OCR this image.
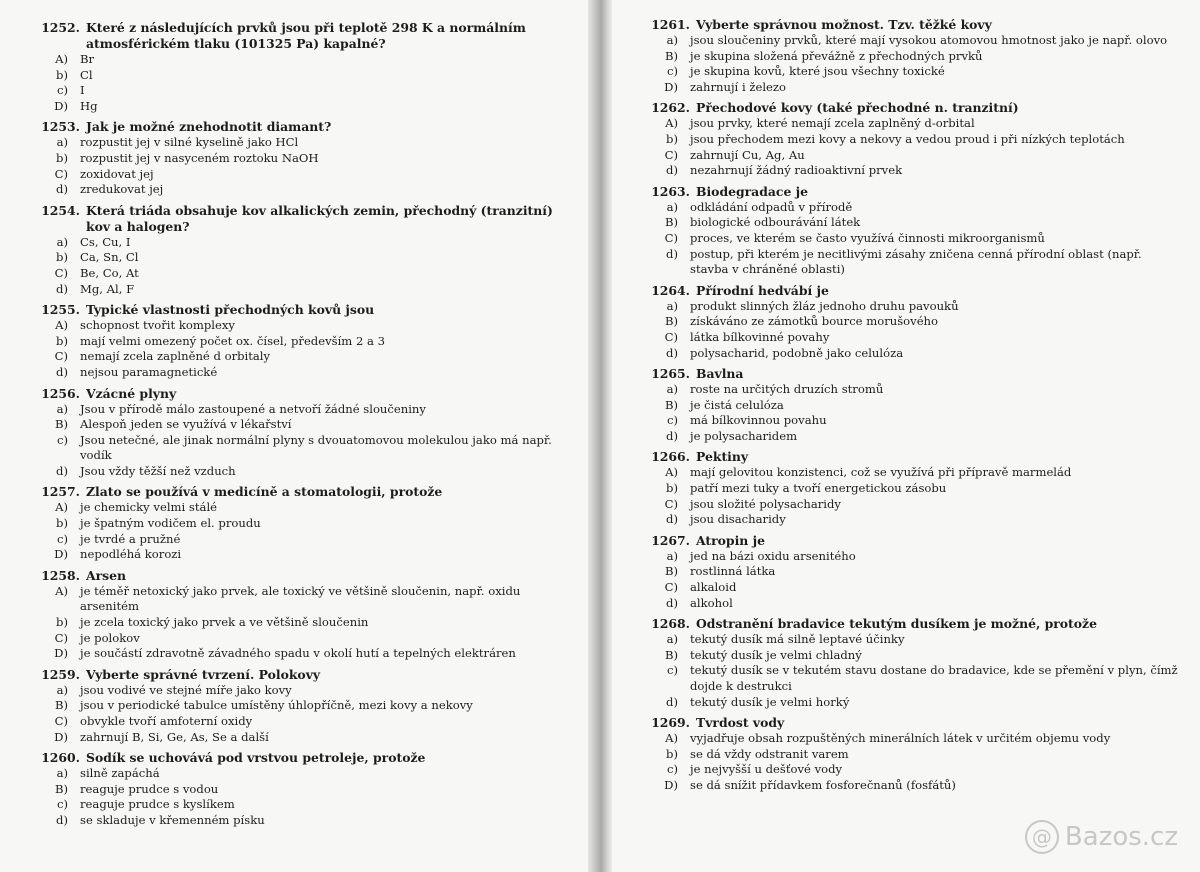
1252. Které z následujících prvků jsou při teplotě 298 K a normálním atmosférickém tlaku (101325 Pa) kapalné?
A)	Br
b)	Cl
c)	I
D)	Hg
1253. Jak je možné znehodnotit diamant?
a)	rozpustit jej v silné kyselině jako HCl
b)	rozpustit jej v nasyceném roztoku NaOH
C)	zoxidovat jej
d)	zredukovat jej
1254. Která triáda obsahuje kov alkalických zemin, přechodný (tranzitní) kov a halogen?
a)	Cs, Cu, I
b)	Ca, Sn, Cl
C)	Be, Co, At
d)	Mg, Al, F
1255. Typické vlastnosti přechodných kovů jsou
A)	schopnost tvořit komplexy
b)	mají velmi omezený počet ox. čísel, především 2 a 3
C)	nemají zcela zaplněné d orbitaly
d)	nejsou paramagnetické
1256. Vzácné plyny
a)	Jsou v přírodě málo zastoupené a netvoří žádné sloučeniny
B)	Alespoň jeden se využívá v lékařství
c)	Jsou netečné, ale jinak normální plyny s dvouatomovou molekulou jako má např. vodík
d)	Jsou vždy těžší než vzduch
1257. Zlato se používá v medicíně a stomatologii, protože
A)	je chemicky velmi stálé
b)	je špatným vodičem el. proudu
c)	je tvrdé a pružné
D)	nepodléhá korozi
1258. Arsen
A)	je téměř netoxický jako prvek, ale toxický ve většině sloučenin, např. oxidu arsenitém
b)	je zcela toxický jako prvek a ve většině sloučenin
C)	je polokov
D)	je součástí zdravotně závadného spadu v okolí hutí a tepelných elektráren
1259. Vyberte správné tvrzení. Polokovy
a)	jsou vodivé ve stejné míře jako kovy
B)	jsou v periodické tabulce umístěny úhlopříčně, mezi kovy a nekovy
C)	obvykle tvoří amfoterní oxidy
D)	zahrnují B, Si, Ge, As, Se a další
1260. Sodík se uchovává pod vrstvou petroleje, protože
a)	silně zapáchá
B)	reaguje prudce s vodou
c)	reaguje prudce s kyslíkem
d)	se skladuje v křemenném písku
1261. Vyberte správnou možnost. Tzv. těžké kovy
a)	jsou sloučeniny prvků, které mají vysokou atomovou hmotnost jako je např. olovo
B)	je skupina složená převážně z přechodných prvků
c)	je skupina kovů, které jsou všechny toxické
D)	zahrnují i železo
1262. Přechodové kovy (také přechodné n. tranzitní)
A)	jsou prvky, které nemají zcela zaplněný d-orbital
b)	jsou přechodem mezi kovy a nekovy a vedou proud i při nízkých teplotách
C)	zahrnují Cu, Ag, Au
d)	nezahrnují žádný radioaktivní prvek
1263. Biodegradace je
a)	odkládání odpadů v přírodě
B)	biologické odbourávání látek
C)	proces, ve kterém se často využívá činnosti mikroorganismů
d)	postup, při kterém je necitlivými zásahy zničena cenná přírodní oblast (např. stavba v chráněné oblasti)
1264. Přírodní hedvábí je
a)	produkt slinných žláz jednoho druhu pavouků
B)	získáváno ze zámotků bource morušového
C)	látka bílkovinné povahy
d)	polysacharid, podobně jako celulóza
1265. Bavlna
a)	roste na určitých druzích stromů
B)	je čistá celulóza
c)	má bílkovinnou povahu
d)	je polysacharidem
1266. Pektiny
A)	mají gelovitou konzistenci, což se využívá při přípravě marmelád
b)	patří mezi tuky a tvoří energetickou zásobu
C)	jsou složité polysacharidy
d)	jsou disacharidy
1267. Atropin je
a)	jed na bázi oxidu arsenitého
B)	rostlinná látka
C)	alkaloid
d)	alkohol
1268. Odstranění bradavice tekutým dusíkem je možné, protože
a)	tekutý dusík má silně leptavé účinky
B)	tekutý dusík je velmi chladný
c)	tekutý dusík se v tekutém stavu dostane do bradavice, kde se přemění v plyn, čímž dojde k destrukci
d)	tekutý dusík je velmi horký
1269. Tvrdost vody
A)	vyjadřuje obsah rozpuštěných minerálních látek v určitém objemu vody
b)	se dá vždy odstranit varem
c)	je nejvyšší u dešťové vody
D)	se dá snížit přídavkem fosforečnanů (fosfátů)
@ Bazos.cz
